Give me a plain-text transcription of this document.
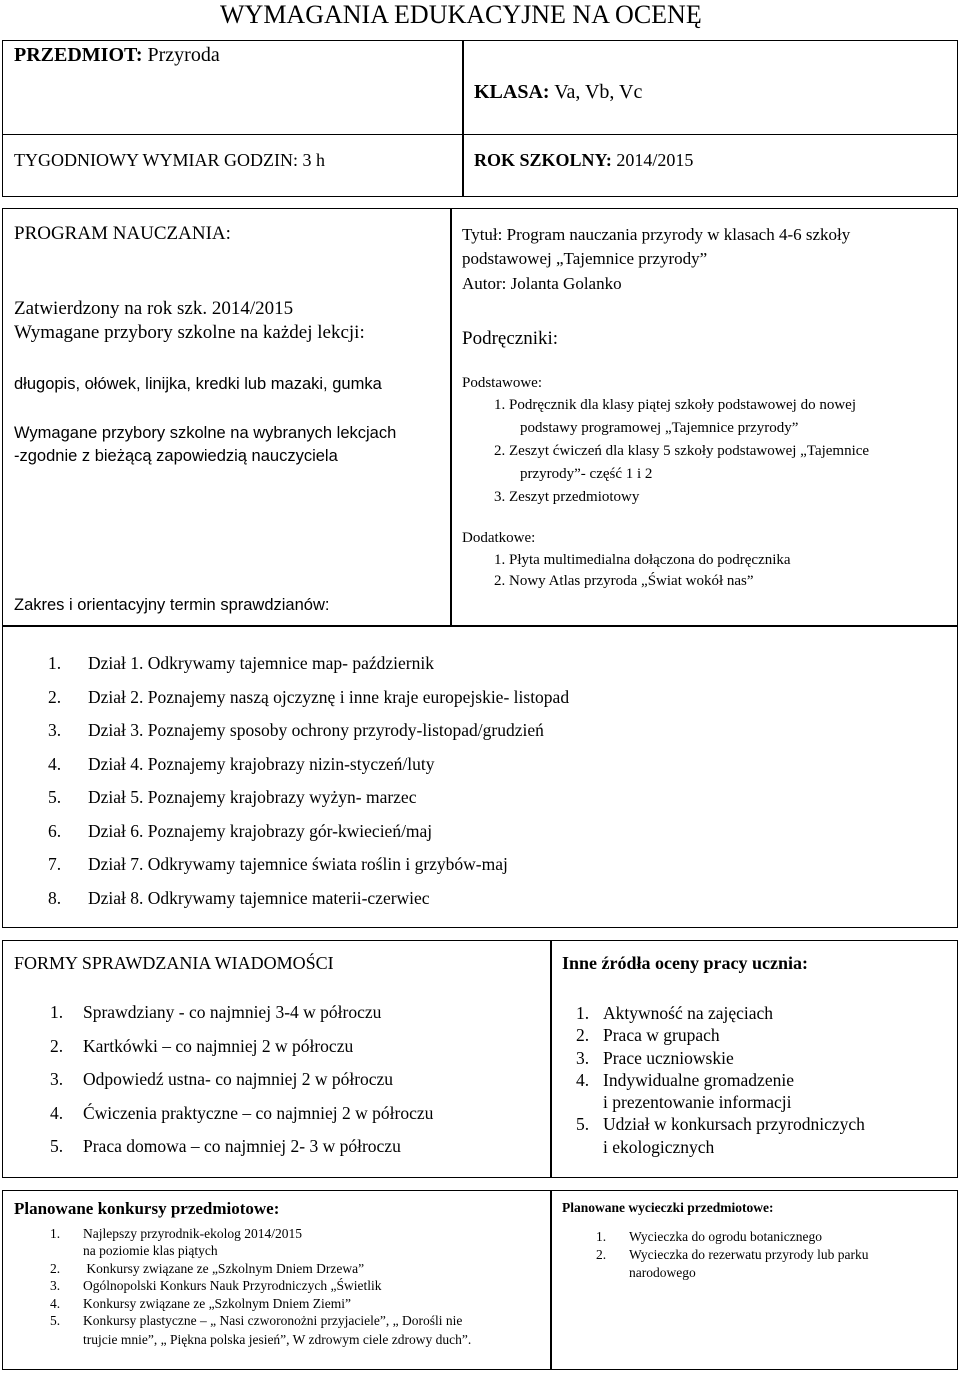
WYMAGANIA EDUKACYJNE NA OCENĘ
PRZEDMIOT: Przyroda
KLASA: Va, Vb, Vc
TYGODNIOWY WYMIAR GODZIN: 3 h	ROK SZKOLNY: 2014/2015
PROGRAM NAUCZANIA:
Zatwierdzony na rok szk. 2014/2015
Wymagane przybory szkolne na każdej lekcji:
długopis, ołówek, linijka, kredki lub mazaki, gumka
Wymagane przybory szkolne na wybranych lekcjach
-zgodnie z bieżącą zapowiedzią nauczyciela
Zakres i orientacyjny termin sprawdzianów:
Tytuł: Program nauczania przyrody w klasach 4-6 szkoły
podstawowej „Tajemnice przyrody”
Autor: Jolanta Golanko
Podręczniki:
Podstawowe:
1. Podręcznik dla klasy piątej szkoły podstawowej do nowej
podstawy programowej „Tajemnice przyrody”
2. Zeszyt ćwiczeń dla klasy 5 szkoły podstawowej „Tajemnice
przyrody”- część 1 i 2
3. Zeszyt przedmiotowy
Dodatkowe:
1. Płyta multimedialna dołączona do podręcznika
2. Nowy Atlas przyroda „Świat wokół nas”
1. Dział 1. Odkrywamy tajemnice map- październik
2. Dział 2. Poznajemy naszą ojczyznę i inne kraje europejskie- listopad
3. Dział 3. Poznajemy sposoby ochrony przyrody-listopad/grudzień
4. Dział 4. Poznajemy krajobrazy nizin-styczeń/luty
5. Dział 5. Poznajemy krajobrazy wyżyn- marzec
6. Dział 6. Poznajemy krajobrazy gór-kwiecień/maj
7. Dział 7. Odkrywamy tajemnice świata roślin i grzybów-maj
8. Dział 8. Odkrywamy tajemnice materii-czerwiec
FORMY SPRAWDZANIA WIADOMOŚCI
1. Sprawdziany - co najmniej 3-4 w półroczu
2. Kartkówki – co najmniej 2 w półroczu
3. Odpowiedź ustna- co najmniej 2 w półroczu
4. Ćwiczenia praktyczne – co najmniej 2 w półroczu
5. Praca domowa – co najmniej 2- 3 w półroczu
Inne źródła oceny pracy ucznia:
1. Aktywność na zajęciach
2. Praca w grupach
3. Prace uczniowskie
4. Indywidualne gromadzenie
i prezentowanie informacji
5. Udział w konkursach przyrodniczych
i ekologicznych
Planowane konkursy przedmiotowe:
1. Najlepszy przyrodnik-ekolog 2014/2015
na poziomie klas piątych
2. Konkursy związane ze „Szkolnym Dniem Drzewa”
3. Ogólnopolski Konkurs Nauk Przyrodniczych „Świetlik
4. Konkursy związane ze „Szkolnym Dniem Ziemi”
5. Konkursy plastyczne – „ Nasi czworonożni przyjaciele”, „ Dorośli nie
trujcie mnie”, „ Piękna polska jesień”, W zdrowym ciele zdrowy duch”.
Planowane wycieczki przedmiotowe:
1. Wycieczka do ogrodu botanicznego
2. Wycieczka do rezerwatu przyrody lub parku
narodowego
